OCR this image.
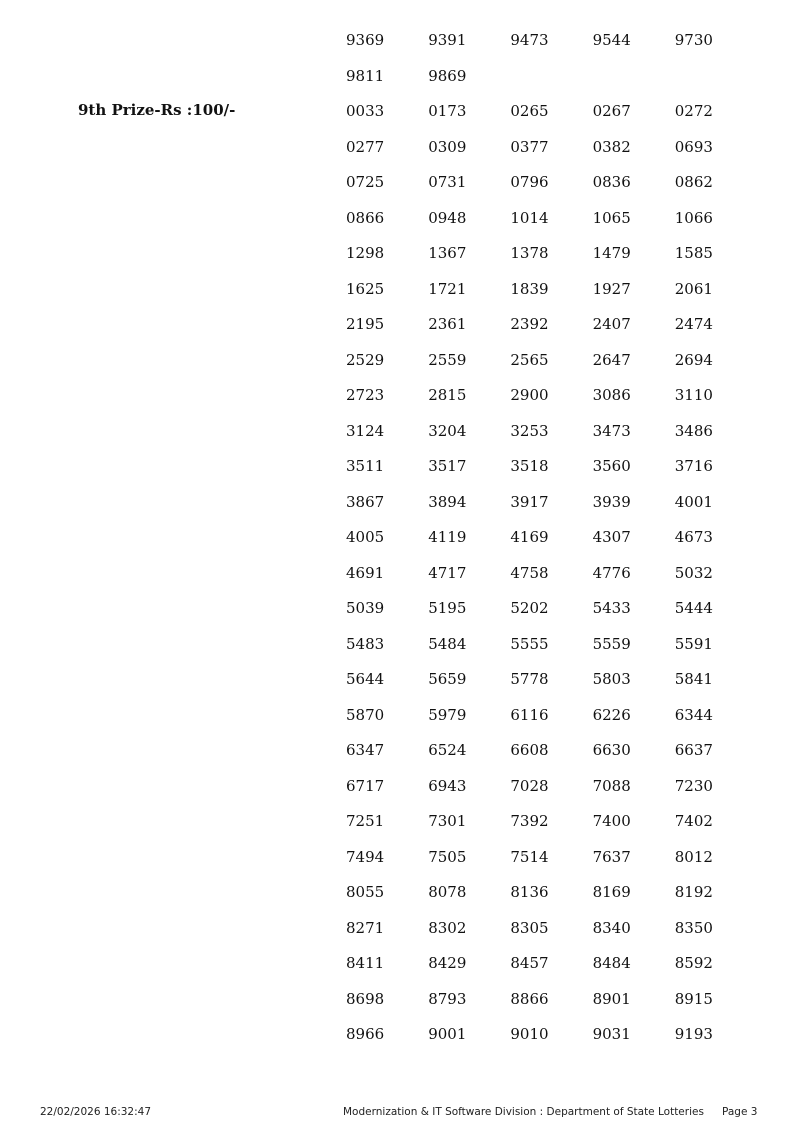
9th Prize-Rs :100/-
9369	9391	9473	9544	9730
9811	9869
0033	0173	0265	0267	0272
0277	0309	0377	0382	0693
0725	0731	0796	0836	0862
0866	0948	1014	1065	1066
1298	1367	1378	1479	1585
1625	1721	1839	1927	2061
2195	2361	2392	2407	2474
2529	2559	2565	2647	2694
2723	2815	2900	3086	3110
3124	3204	3253	3473	3486
3511	3517	3518	3560	3716
3867	3894	3917	3939	4001
4005	4119	4169	4307	4673
4691	4717	4758	4776	5032
5039	5195	5202	5433	5444
5483	5484	5555	5559	5591
5644	5659	5778	5803	5841
5870	5979	6116	6226	6344
6347	6524	6608	6630	6637
6717	6943	7028	7088	7230
7251	7301	7392	7400	7402
7494	7505	7514	7637	8012
8055	8078	8136	8169	8192
8271	8302	8305	8340	8350
8411	8429	8457	8484	8592
8698	8793	8866	8901	8915
8966	9001	9010	9031	9193
22/02/2026 16:32:47	Modernization & IT Software Division : Department of State Lotteries Page 3
